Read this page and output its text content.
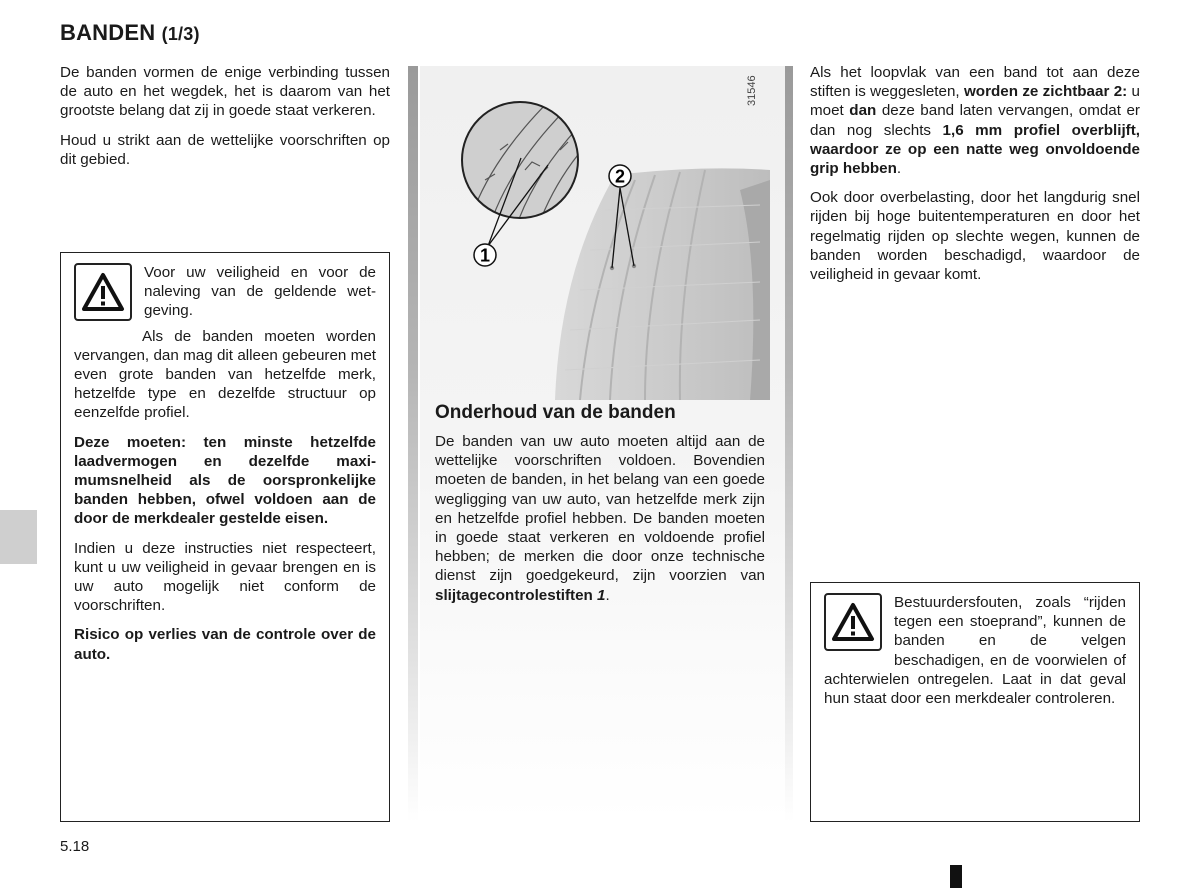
BANDEN (1/3)

De banden vormen de enige verbinding tussen de auto en het wegdek, het is daarom van het grootste belang dat zij in goede staat verkeren.

Houd u strikt aan de wettelijke voorschriften op dit gebied.

Voor uw veiligheid en voor de naleving van de geldende wetgeving.

Als de banden moeten worden vervangen, dan mag dit alleen gebeuren met even grote banden van hetzelfde merk, hetzelfde type en dezelfde structuur op eenzelfde profiel.

Deze moeten: ten minste hetzelfde laadvermogen en dezelfde maximumsnelheid als de oorspronkelijke banden hebben, ofwel voldoen aan de door de merkdealer gestelde eisen.

Indien u deze instructies niet respecteert, kunt u uw veiligheid in gevaar brengen en is uw auto mogelijk niet conform de voorschriften.

Risico op verlies van de controle over de auto.

31546
1
2
Onderhoud van de banden

De banden van uw auto moeten altijd aan de wettelijke voorschriften voldoen. Bovendien moeten de banden, in het belang van een goede wegligging van uw auto, van hetzelfde merk zijn en hetzelfde profiel hebben. De banden moeten in goede staat verkeren en voldoende profiel hebben; de merken die door onze technische dienst zijn goedgekeurd, zijn voorzien van slijtagecontrolestiften 1.

Als het loopvlak van een band tot aan deze stiften is weggesleten, worden ze zichtbaar 2: u moet dan deze band laten vervangen, omdat er dan nog slechts 1,6 mm profiel overblijft, waardoor ze op een natte weg onvoldoende grip hebben.

Ook door overbelasting, door het langdurig snel rijden bij hoge buitentemperaturen en door het regelmatig rijden op slechte wegen, kunnen de banden worden beschadigd, waardoor de veiligheid in gevaar komt.

Bestuurdersfouten, zoals “rijden tegen een stoeprand”, kunnen de banden en de velgen beschadigen, en de voorwielen of achterwielen ontregelen. Laat in dat geval hun staat door een merkdealer controleren.

5.18
